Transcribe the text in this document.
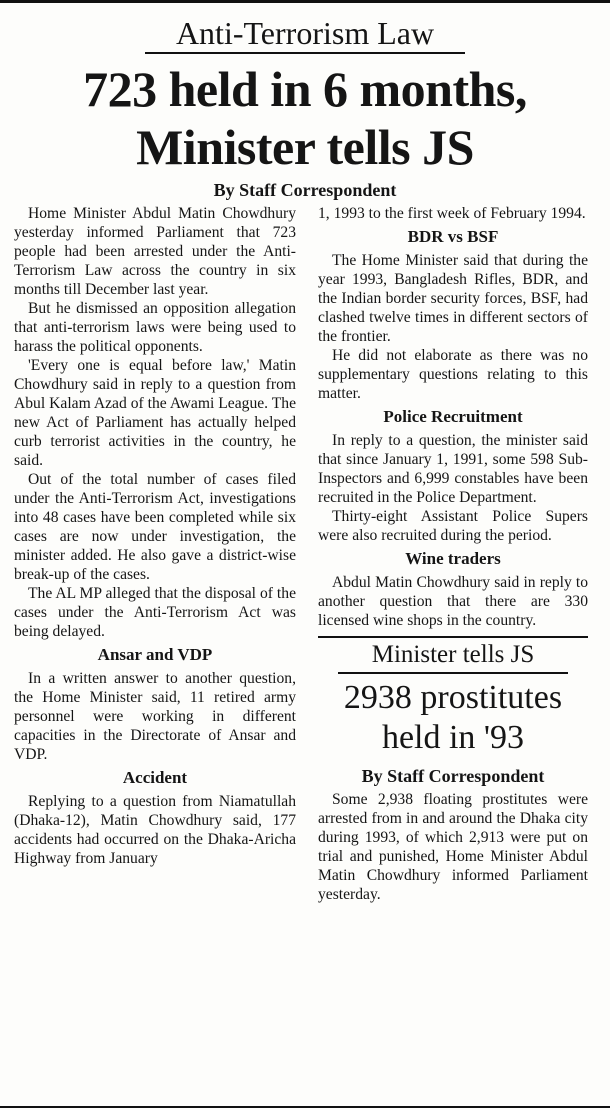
Anti-Terrorism Law
723 held in 6 months,
Minister tells JS
By Staff Correspondent

Home Minister Abdul Matin Chowdhury yesterday informed Parliament that 723 people had been arrested under the Anti-Terrorism Law across the country in six months till December last year.

But he dismissed an opposition allegation that anti-terrorism laws were being used to harass the political opponents.

'Every one is equal before law,' Matin Chowdhury said in reply to a question from Abul Kalam Azad of the Awami League. The new Act of Parliament has actually helped curb terrorist activities in the country, he said.

Out of the total number of cases filed under the Anti-Terrorism Act, investigations into 48 cases have been completed while six cases are now under investigation, the minister added. He also gave a district-wise break-up of the cases.

The AL MP alleged that the disposal of the cases under the Anti-Terrorism Act was being delayed.

Ansar and VDP

In a written answer to another question, the Home Minister said, 11 retired army personnel were working in different capacities in the Directorate of Ansar and VDP.

Accident

Replying to a question from Niamatullah (Dhaka-12), Matin Chowdhury said, 177 accidents had occurred on the Dhaka-Aricha Highway from January

1, 1993 to the first week of February 1994.

BDR vs BSF

The Home Minister said that during the year 1993, Bangladesh Rifles, BDR, and the Indian border security forces, BSF, had clashed twelve times in different sectors of the frontier.

He did not elaborate as there was no supplementary questions relating to this matter.

Police Recruitment

In reply to a question, the minister said that since January 1, 1991, some 598 Sub-Inspectors and 6,999 constables have been recruited in the Police Department.

Thirty-eight Assistant Police Supers were also recruited during the period.

Wine traders

Abdul Matin Chowdhury said in reply to another question that there are 330 licensed wine shops in the country.

Minister tells JS
2938 prostitutes
held in '93
By Staff Correspondent

Some 2,938 floating prostitutes were arrested from in and around the Dhaka city during 1993, of which 2,913 were put on trial and punished, Home Minister Abdul Matin Chowdhury informed Parliament yesterday.
